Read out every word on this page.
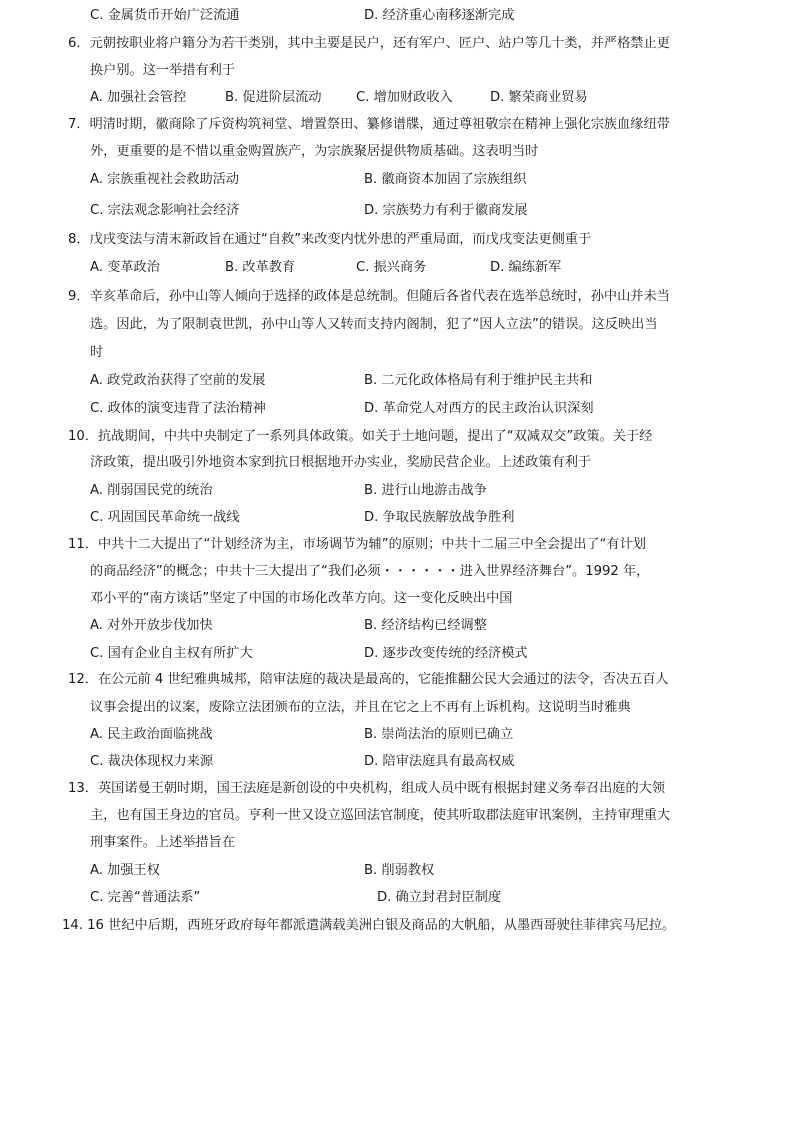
C. 金属货币开始广泛流通	D. 经济重心南移逐渐完成
6．元朝按职业将户籍分为若干类别，其中主要是民户，还有军户、匠户、站户等几十类，并严格禁止更
换户别。这一举措有利于
A. 加强社会管控	B. 促进阶层流动	C. 增加财政收入	D. 繁荣商业贸易
7．明清时期，徽商除了斥资构筑祠堂、增置祭田、纂修谱牒，通过尊祖敬宗在精神上强化宗族血缘纽带
外，更重要的是不惜以重金购置族产，为宗族聚居提供物质基础。这表明当时
A. 宗族重视社会救助活动	B. 徽商资本加固了宗族组织
C. 宗法观念影响社会经济	D. 宗族势力有利于徽商发展
8．戊戌变法与清末新政旨在通过“自救”来改变内忧外患的严重局面，而戊戌变法更侧重于
A. 变革政治	B. 改革教育	C. 振兴商务	D. 编练新军
9．辛亥革命后，孙中山等人倾向于选择的政体是总统制。但随后各省代表在选举总统时，孙中山并未当
选。因此，为了限制袁世凯，孙中山等人又转而支持内阁制，犯了“因人立法”的错误。这反映出当
时
A. 政党政治获得了空前的发展	B. 二元化政体格局有利于维护民主共和
C. 政体的演变违背了法治精神	D. 革命党人对西方的民主政治认识深刻
10．抗战期间，中共中央制定了一系列具体政策。如关于土地问题，提出了“双减双交”政策。关于经
济政策，提出吸引外地资本家到抗日根据地开办实业，奖励民营企业。上述政策有利于
A. 削弱国民党的统治	B. 进行山地游击战争
C. 巩固国民革命统一战线	D. 争取民族解放战争胜利
11．中共十二大提出了“计划经济为主，市场调节为辅”的原则；中共十二届三中全会提出了“有计划
的商品经济”的概念；中共十三大提出了“我们必须・・・・・・进入世界经济舞台”。1992 年，
邓小平的“南方谈话”坚定了中国的市场化改革方向。这一变化反映出中国
A. 对外开放步伐加快	B. 经济结构已经调整
C. 国有企业自主权有所扩大	D. 逐步改变传统的经济模式
12．在公元前 4 世纪雅典城邦，陪审法庭的裁决是最高的，它能推翻公民大会通过的法令，否决五百人
议事会提出的议案，废除立法团颁布的立法，并且在它之上不再有上诉机构。这说明当时雅典
A. 民主政治面临挑战	B. 崇尚法治的原则已确立
C. 裁决体现权力来源	D. 陪审法庭具有最高权威
13．英国诺曼王朝时期，国王法庭是新创设的中央机构，组成人员中既有根据封建义务奉召出庭的大领
主，也有国王身边的官员。亨利一世又设立巡回法官制度，使其听取郡法庭审讯案例，主持审理重大
刑事案件。上述举措旨在
A. 加强王权	B. 削弱教权
C. 完善“普通法系”	D. 确立封君封臣制度
14. 16 世纪中后期，西班牙政府每年都派遣满载美洲白银及商品的大帆船，从墨西哥驶往菲律宾马尼拉。
